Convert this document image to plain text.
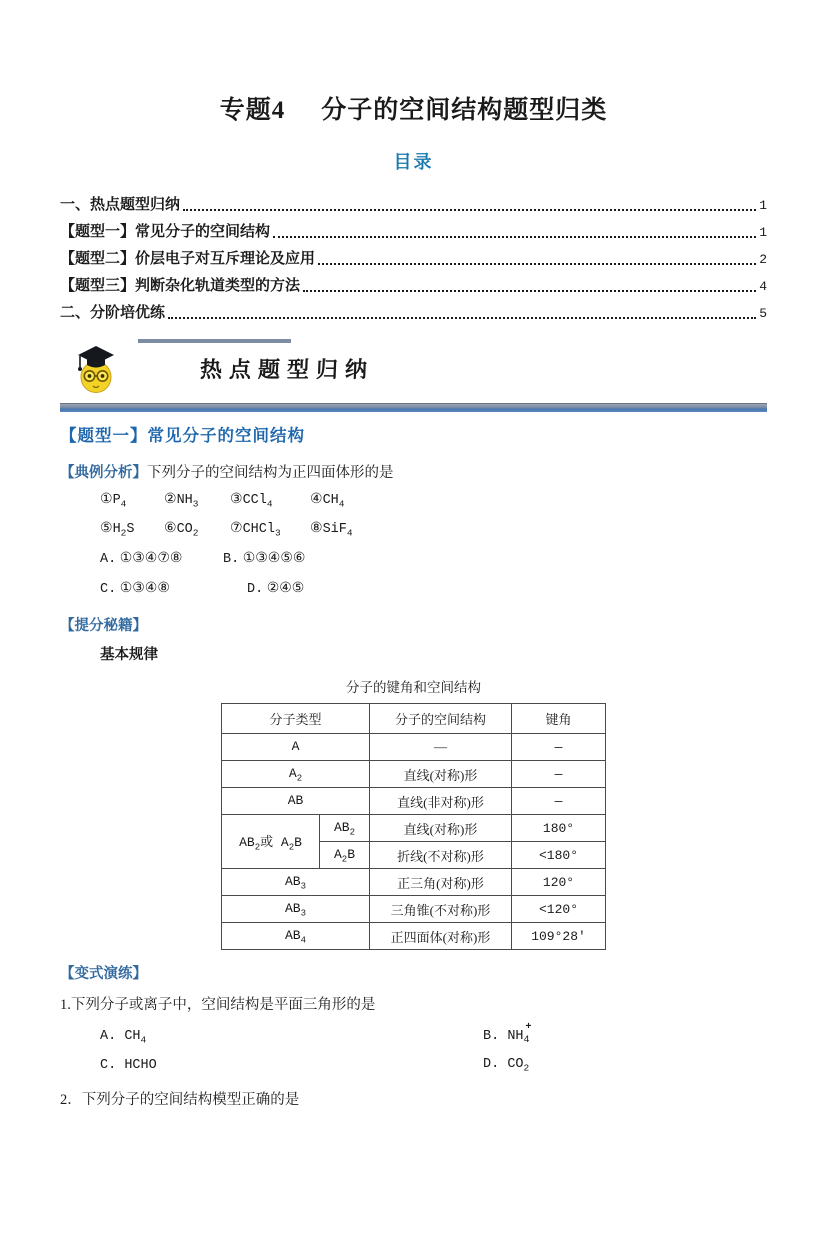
专题4 分子的空间结构题型归类
目录
一、热点题型归纳	1
【题型一】常见分子的空间结构	1
【题型二】价层电子对互斥理论及应用	2
【题型三】判断杂化轨道类型的方法	4
二、分阶培优练	5
热点题型归纳
【题型一】常见分子的空间结构
【典例分析】下列分子的空间结构为正四面体形的是
$①P_4$	$②NH_3$	③CCl$_4$	$④CH_4$
$⑤H_2S$	$⑥CO_2$	⑦CHCl$_3$	⑧SiF$_4$
A. ①③④⑦⑧	B. ①③④⑤⑥
C. ①③④⑧	D. ②④⑤
【提分秘籍】
基本规律
分子的键角和空间结构
分子类型		分子的空间结构	键角
A		—	—
$A_2$		直线(对称)形	—
AB		直线(非对称)形	—
$AB_2$或 $A_2B$	$AB_2$	直线(对称)形	180°
	$A_2B$	折线(不对称)形	<180°
$AB_3$		正三角(对称)形	120°
$AB_3$		三角锥(不对称)形	<120°
$AB_4$		正四面体(对称)形	109°28′
【变式演练】
1.下列分子或离子中，空间结构是平面三角形的是
A. $CH_4$	B. NH
+
$_4$
C. HCHO	D. $CO_2$
2．下列分子的空间结构模型正确的是
